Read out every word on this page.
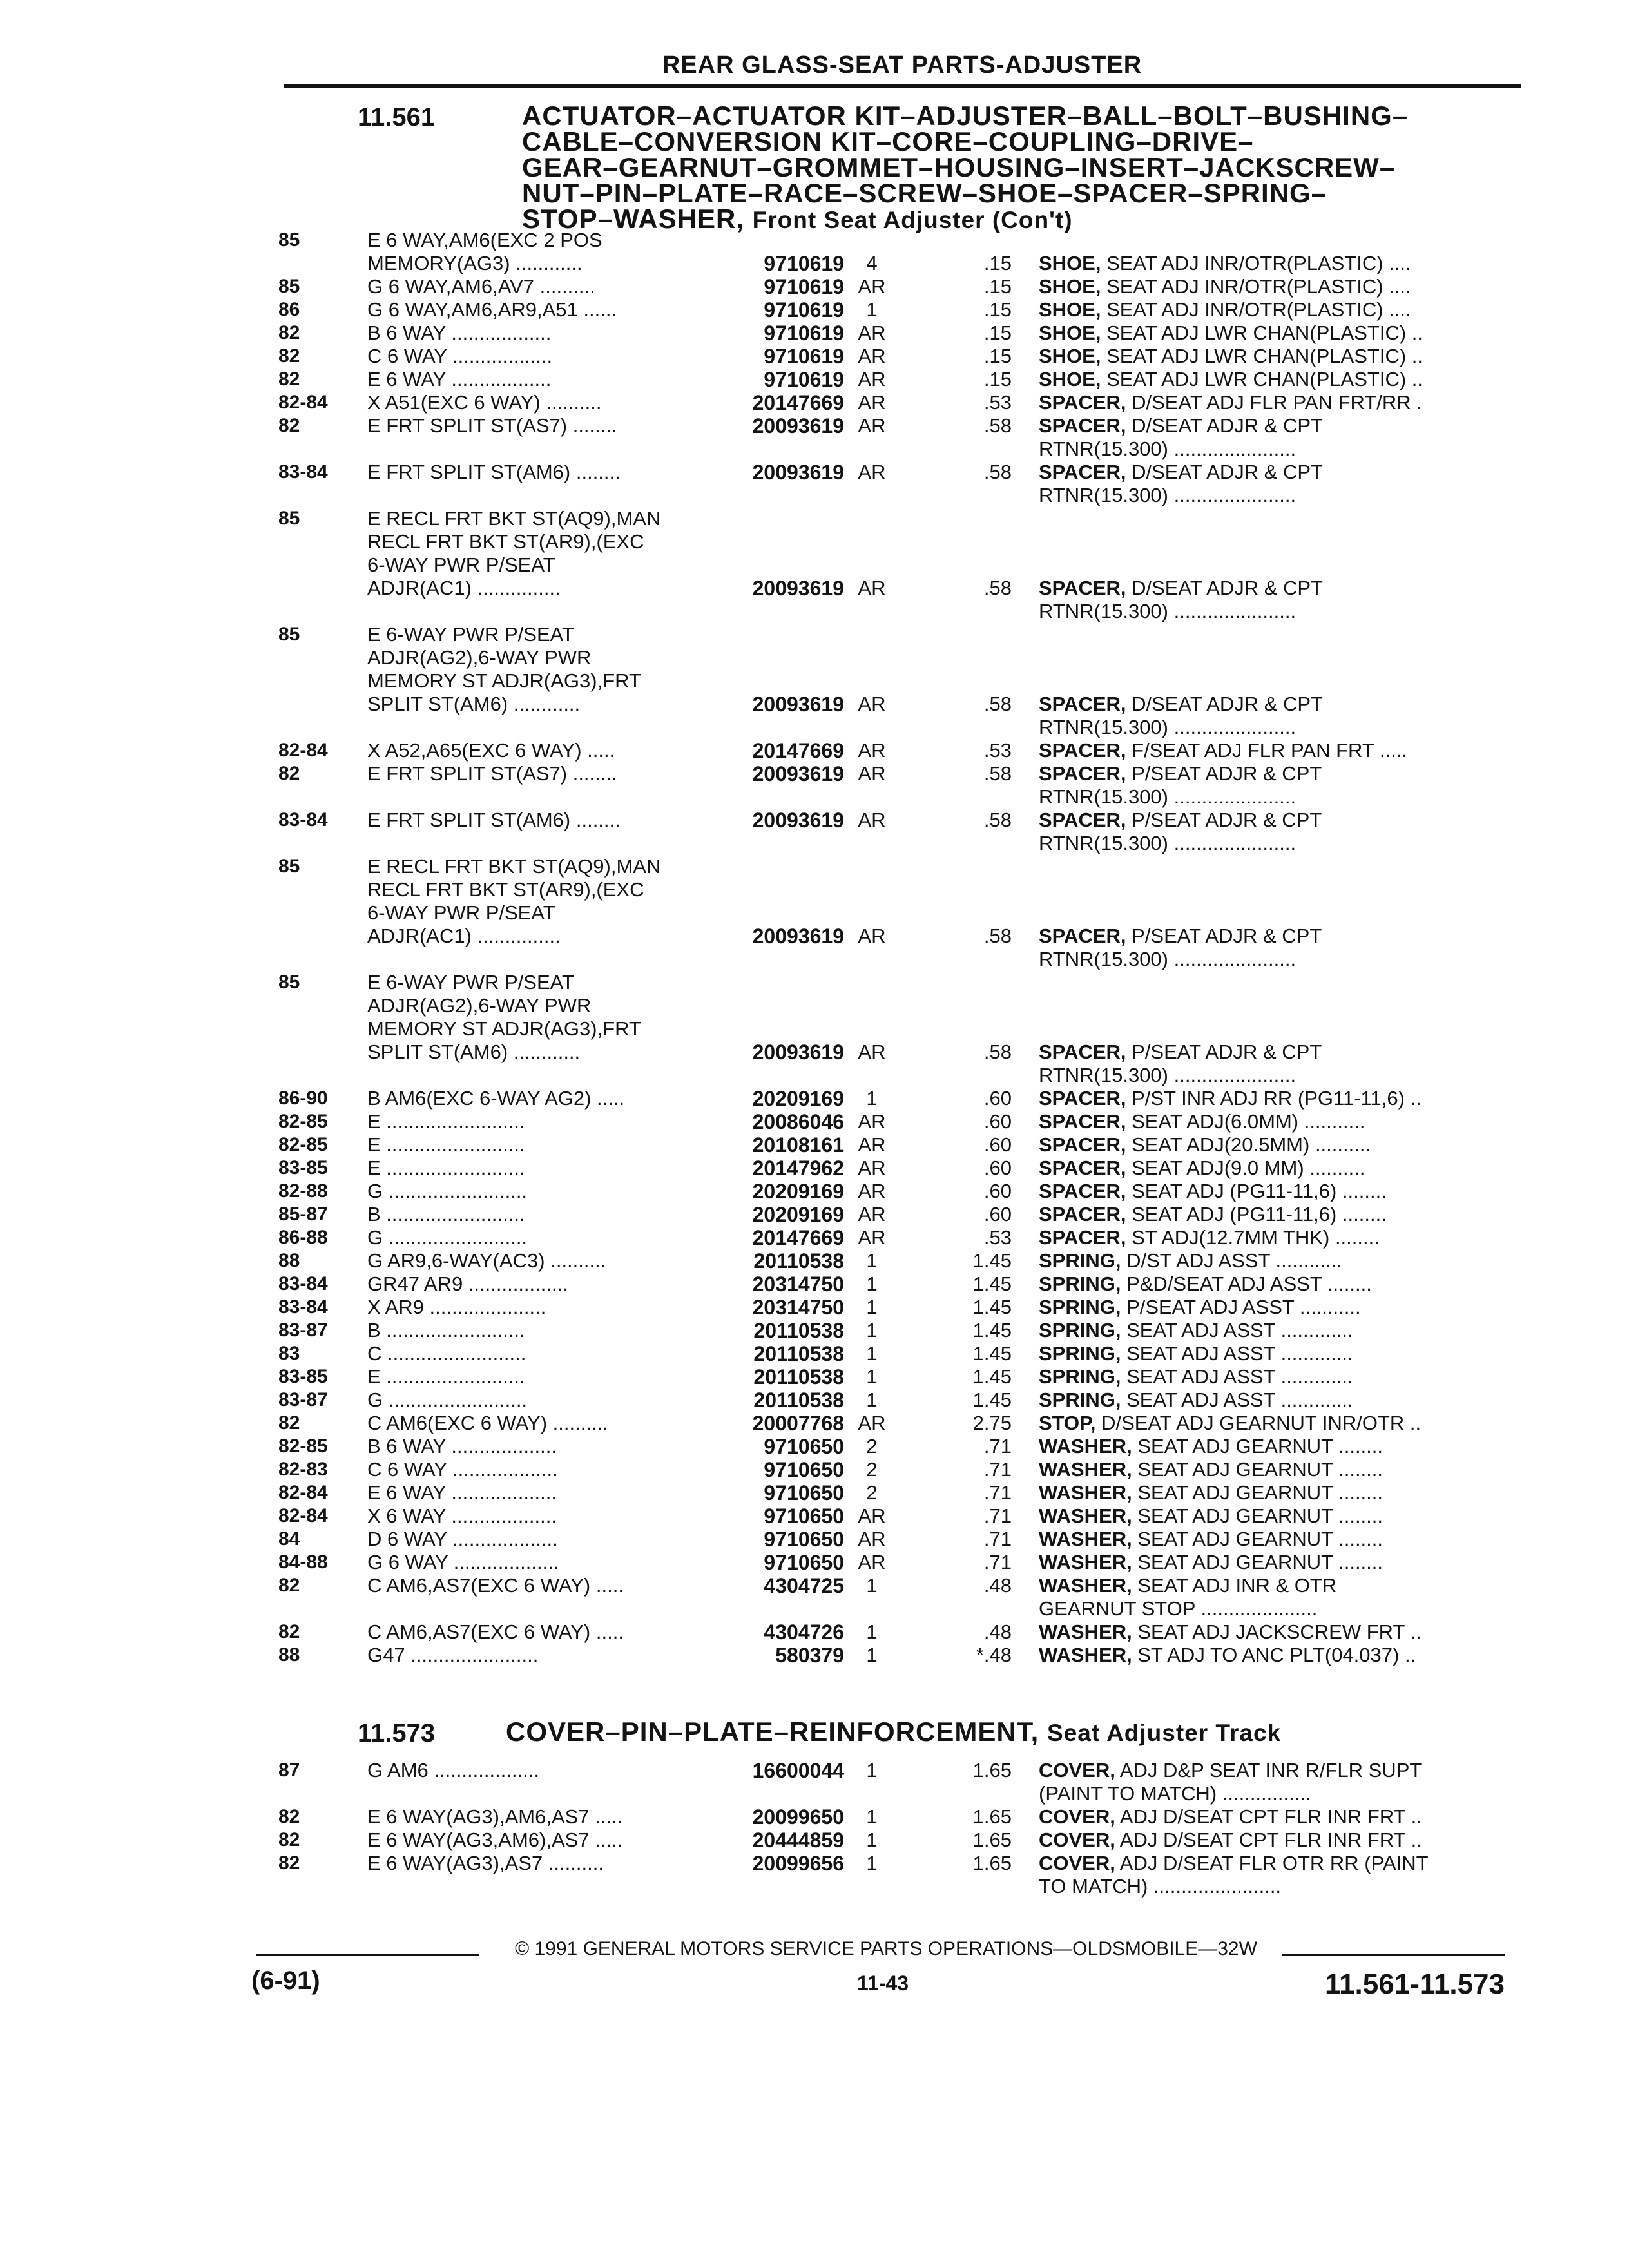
REAR GLASS-SEAT PARTS-ADJUSTER
11.561	ACTUATOR–ACTUATOR KIT–ADJUSTER–BALL–BOLT–BUSHING–
CABLE–CONVERSION KIT–CORE–COUPLING–DRIVE–
GEAR–GEARNUT–GROMMET–HOUSING–INSERT–JACKSCREW–
NUT–PIN–PLATE–RACE–SCREW–SHOE–SPACER–SPRING–
STOP–WASHER, Front Seat Adjuster (Con't)
85	E 6 WAY,AM6(EXC 2 POS
MEMORY(AG3) ............	9710619	4	.15 SHOE, SEAT ADJ INR/OTR(PLASTIC) ....
85	G 6 WAY,AM6,AV7 ..........	9710619 AR	.15 SHOE, SEAT ADJ INR/OTR(PLASTIC) ....
86	G 6 WAY,AM6,AR9,A51 ......	9710619	1	.15 SHOE, SEAT ADJ INR/OTR(PLASTIC) ....
82	B 6 WAY ..................	9710619 AR	.15 SHOE, SEAT ADJ LWR CHAN(PLASTIC) ..
82	C 6 WAY ..................	9710619 AR	.15 SHOE, SEAT ADJ LWR CHAN(PLASTIC) ..
82	E 6 WAY ..................	9710619 AR	.15 SHOE, SEAT ADJ LWR CHAN(PLASTIC) ..
82-84	X A51(EXC 6 WAY) ..........	20147669 AR	.53 SPACER, D/SEAT ADJ FLR PAN FRT/RR .
82	E FRT SPLIT ST(AS7) ........	20093619 AR	.58 SPACER, D/SEAT ADJR & CPT
RTNR(15.300) ......................
83-84	E FRT SPLIT ST(AM6) ........	20093619 AR	.58 SPACER, D/SEAT ADJR & CPT
RTNR(15.300) ......................
85	E RECL FRT BKT ST(AQ9),MAN
RECL FRT BKT ST(AR9),(EXC
6-WAY PWR P/SEAT
ADJR(AC1) ...............	20093619 AR	.58 SPACER, D/SEAT ADJR & CPT
RTNR(15.300) ......................
85	E 6-WAY PWR P/SEAT
ADJR(AG2),6-WAY PWR
MEMORY ST ADJR(AG3),FRT
SPLIT ST(AM6) ............	20093619 AR	.58 SPACER, D/SEAT ADJR & CPT
RTNR(15.300) ......................
82-84	X A52,A65(EXC 6 WAY) .....	20147669 AR	.53 SPACER, F/SEAT ADJ FLR PAN FRT .....
82	E FRT SPLIT ST(AS7) ........	20093619 AR	.58 SPACER, P/SEAT ADJR & CPT
RTNR(15.300) ......................
83-84	E FRT SPLIT ST(AM6) ........	20093619 AR	.58 SPACER, P/SEAT ADJR & CPT
RTNR(15.300) ......................
85	E RECL FRT BKT ST(AQ9),MAN
RECL FRT BKT ST(AR9),(EXC
6-WAY PWR P/SEAT
ADJR(AC1) ...............	20093619 AR	.58 SPACER, P/SEAT ADJR & CPT
RTNR(15.300) ......................
85	E 6-WAY PWR P/SEAT
ADJR(AG2),6-WAY PWR
MEMORY ST ADJR(AG3),FRT
SPLIT ST(AM6) ............	20093619 AR	.58 SPACER, P/SEAT ADJR & CPT
RTNR(15.300) ......................
86-90	B AM6(EXC 6-WAY AG2) .....	20209169	1	.60 SPACER, P/ST INR ADJ RR (PG11-11,6) ..
82-85	E .........................	20086046 AR	.60 SPACER, SEAT ADJ(6.0MM) ...........
82-85	E .........................	20108161 AR	.60 SPACER, SEAT ADJ(20.5MM) ..........
83-85	E .........................	20147962 AR	.60 SPACER, SEAT ADJ(9.0 MM) ..........
82-88	G .........................	20209169 AR	.60 SPACER, SEAT ADJ (PG11-11,6) ........
85-87	B .........................	20209169 AR	.60 SPACER, SEAT ADJ (PG11-11,6) ........
86-88	G .........................	20147669 AR	.53 SPACER, ST ADJ(12.7MM THK) ........
88	G AR9,6-WAY(AC3) ..........	20110538	1	1.45 SPRING, D/ST ADJ ASST ............
83-84	GR47 AR9 ..................	20314750	1	1.45 SPRING, P&D/SEAT ADJ ASST ........
83-84	X AR9 .....................	20314750	1	1.45 SPRING, P/SEAT ADJ ASST ...........
83-87	B .........................	20110538	1	1.45 SPRING, SEAT ADJ ASST .............
83	C .........................	20110538	1	1.45 SPRING, SEAT ADJ ASST .............
83-85	E .........................	20110538	1	1.45 SPRING, SEAT ADJ ASST .............
83-87	G .........................	20110538	1	1.45 SPRING, SEAT ADJ ASST .............
82	C AM6(EXC 6 WAY) ..........	20007768 AR	2.75 STOP, D/SEAT ADJ GEARNUT INR/OTR ..
82-85	B 6 WAY ...................	9710650	2	.71 WASHER, SEAT ADJ GEARNUT ........
82-83	C 6 WAY ...................	9710650	2	.71 WASHER, SEAT ADJ GEARNUT ........
82-84	E 6 WAY ...................	9710650	2	.71 WASHER, SEAT ADJ GEARNUT ........
82-84	X 6 WAY ...................	9710650 AR	.71 WASHER, SEAT ADJ GEARNUT ........
84	D 6 WAY ...................	9710650 AR	.71 WASHER, SEAT ADJ GEARNUT ........
84-88	G 6 WAY ...................	9710650 AR	.71 WASHER, SEAT ADJ GEARNUT ........
82	C AM6,AS7(EXC 6 WAY) .....	4304725	1	.48 WASHER, SEAT ADJ INR & OTR
GEARNUT STOP .....................
82	C AM6,AS7(EXC 6 WAY) .....	4304726	1	.48 WASHER, SEAT ADJ JACKSCREW FRT ..
88	G47 .......................	580379	1	*.48 WASHER, ST ADJ TO ANC PLT(04.037) ..
11.573	COVER–PIN–PLATE–REINFORCEMENT, Seat Adjuster Track
87	G AM6 ...................	16600044	1	1.65 COVER, ADJ D&P SEAT INR R/FLR SUPT
(PAINT TO MATCH) ................
82	E 6 WAY(AG3),AM6,AS7 .....	20099650	1	1.65 COVER, ADJ D/SEAT CPT FLR INR FRT ..
82	E 6 WAY(AG3,AM6),AS7 .....	20444859	1	1.65 COVER, ADJ D/SEAT CPT FLR INR FRT ..
82	E 6 WAY(AG3),AS7 ..........	20099656	1	1.65 COVER, ADJ D/SEAT FLR OTR RR (PAINT
TO MATCH) .......................
© 1991 GENERAL MOTORS SERVICE PARTS OPERATIONS—OLDSMOBILE—32W
(6-91)	11-43	11.561-11.573
